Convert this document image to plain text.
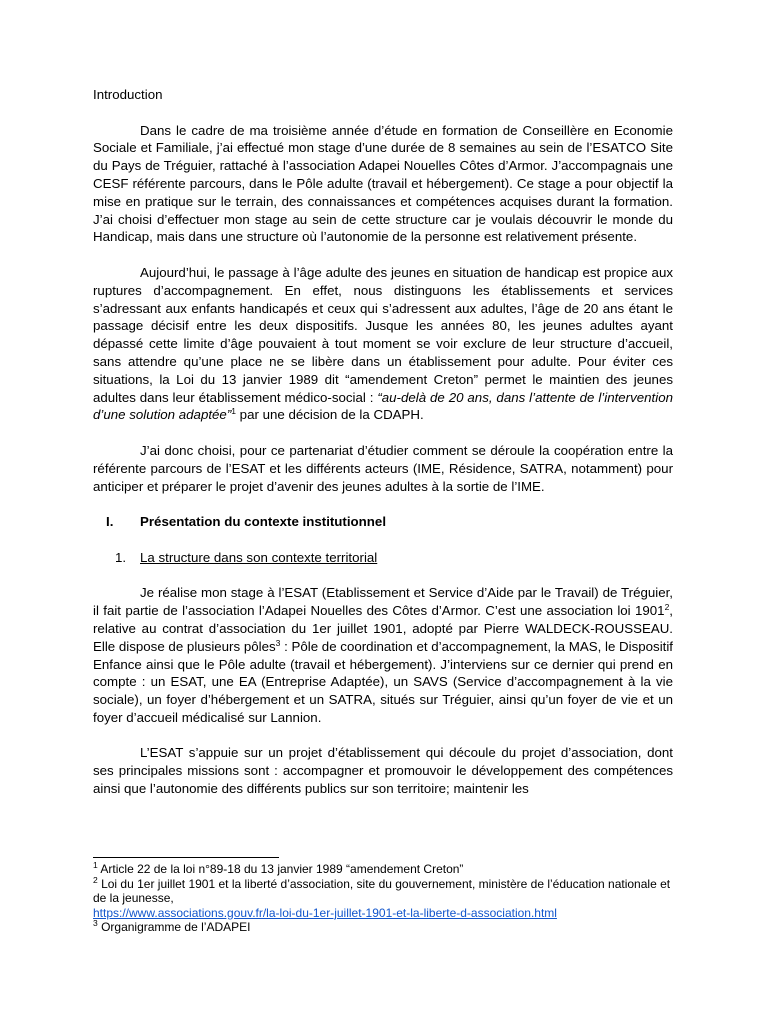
Introduction

Dans le cadre de ma troisième année d’étude en formation de Conseillère en Economie Sociale et Familiale, j’ai effectué mon stage d’une durée de 8 semaines au sein de l’ESATCO Site du Pays de Tréguier, rattaché à l’association Adapei Nouelles Côtes d’Armor. J’accompagnais une CESF référente parcours, dans le Pôle adulte (travail et hébergement). Ce stage a pour objectif la mise en pratique sur le terrain, des connaissances et compétences acquises durant la formation. J’ai choisi d’effectuer mon stage au sein de cette structure car je voulais découvrir le monde du Handicap, mais dans une structure où l’autonomie de la personne est relativement présente.

Aujourd’hui, le passage à l’âge adulte des jeunes en situation de handicap est propice aux ruptures d’accompagnement. En effet, nous distinguons les établissements et services s’adressant aux enfants handicapés et ceux qui s’adressent aux adultes, l’âge de 20 ans étant le passage décisif entre les deux dispositifs. Jusque les années 80, les jeunes adultes ayant dépassé cette limite d’âge pouvaient à tout moment se voir exclure de leur structure d’accueil, sans attendre qu’une place ne se libère dans un établissement pour adulte. Pour éviter ces situations, la Loi du 13 janvier 1989 dit “amendement Creton” permet le maintien des jeunes adultes dans leur établissement médico-social : “au-delà de 20 ans, dans l’attente de l’intervention d’une solution adaptée”$^1$ par une décision de la CDAPH.

J’ai donc choisi, pour ce partenariat d’étudier comment se déroule la coopération entre la référente parcours de l’ESAT et les différents acteurs (IME, Résidence, SATRA, notamment) pour anticiper et préparer le projet d’avenir des jeunes adultes à la sortie de l’IME.

I. Présentation du contexte institutionnel

1. La structure dans son contexte territorial

Je réalise mon stage à l’ESAT (Etablissement et Service d’Aide par le Travail) de Tréguier, il fait partie de l’association l’Adapei Nouelles des Côtes d’Armor. C’est une association loi 1901$^2$, relative au contrat d’association du 1er juillet 1901, adopté par Pierre WALDECK-ROUSSEAU. Elle dispose de plusieurs pôles$^3$ : Pôle de coordination et d’accompagnement, la MAS, le Dispositif Enfance ainsi que le Pôle adulte (travail et hébergement). J’interviens sur ce dernier qui prend en compte : un ESAT, une EA (Entreprise Adaptée), un SAVS (Service d’accompagnement à la vie sociale), un foyer d’hébergement et un SATRA, situés sur Tréguier, ainsi qu’un foyer de vie et un foyer d’accueil médicalisé sur Lannion.

L’ESAT s’appuie sur un projet d’établissement qui découle du projet d’association, dont ses principales missions sont : accompagner et promouvoir le développement des compétences ainsi que l’autonomie des différents publics sur son territoire; maintenir les

$^1$ Article 22 de la loi n°89-18 du 13 janvier 1989 “amendement Creton”

$^2$ Loi du 1er juillet 1901 et la liberté d’association, site du gouvernement, ministère de l’éducation nationale et de la jeunesse,
https://www.associations.gouv.fr/la-loi-du-1er-juillet-1901-et-la-liberte-d-association.html

$^3$ Organigramme de l’ADAPEI
